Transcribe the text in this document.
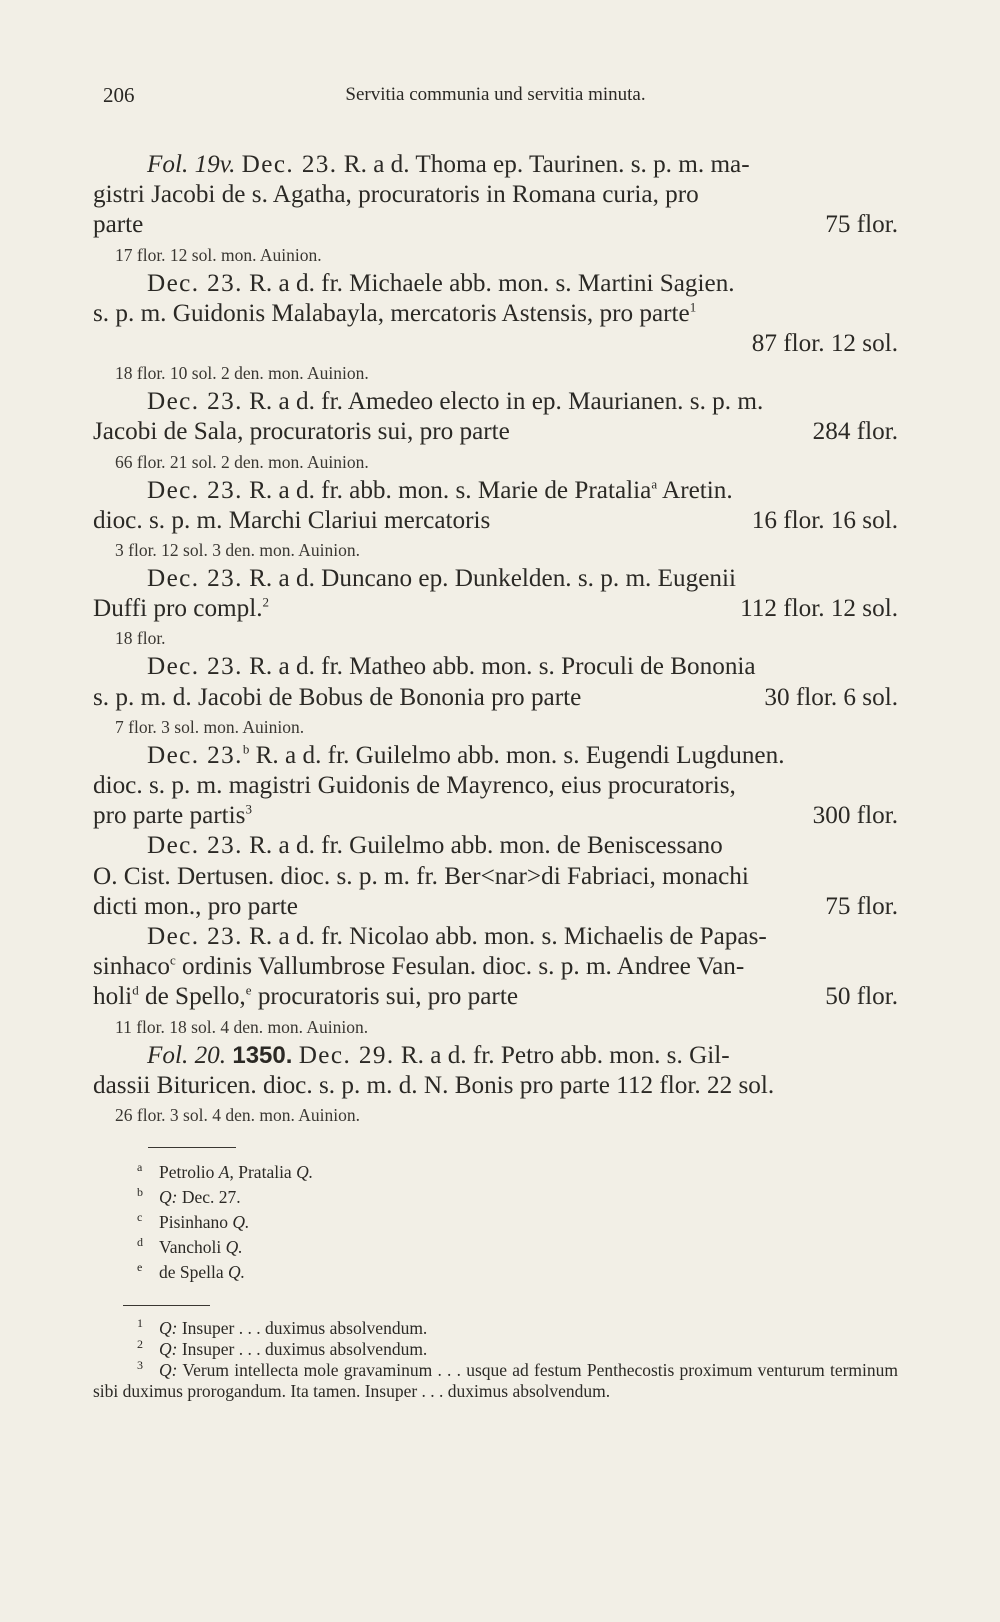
206	Servitia communia und servitia minuta.
Fol. 19v. Dec. 23. R. a d. Thoma ep. Taurinen. s. p. m. ma-
gistri Jacobi de s. Agatha, procuratoris in Romana curia, pro
parte	75 flor.
17 flor. 12 sol. mon. Auinion.
Dec. 23. R. a d. fr. Michaele abb. mon. s. Martini Sagien.
s. p. m. Guidonis Malabayla, mercatoris Astensis, pro parte$^1$
87 flor. 12 sol.
18 flor. 10 sol. 2 den. mon. Auinion.
Dec. 23. R. a d. fr. Amedeo electo in ep. Maurianen. s. p. m.
Jacobi de Sala, procuratoris sui, pro parte	284 flor.
66 flor. 21 sol. 2 den. mon. Auinion.
Dec. 23. R. a d. fr. abb. mon. s. Marie de Pratalia$^a$ Aretin.
dioc. s. p. m. Marchi Clariui mercatoris	16 flor. 16 sol.
3 flor. 12 sol. 3 den. mon. Auinion.
Dec. 23. R. a d. Duncano ep. Dunkelden. s. p. m. Eugenii
Duffi pro compl.$^2$	112 flor. 12 sol.
18 flor.
Dec. 23. R. a d. fr. Matheo abb. mon. s. Proculi de Bononia
s. p. m. d. Jacobi de Bobus de Bononia pro parte	30 flor. 6 sol.
7 flor. 3 sol. mon. Auinion.
Dec. 23.$^b$ R. a d. fr. Guilelmo abb. mon. s. Eugendi Lugdunen.
dioc. s. p. m. magistri Guidonis de Mayrenco, eius procuratoris,
pro parte partis$^3$	300 flor.
Dec. 23. R. a d. fr. Guilelmo abb. mon. de Beniscessano
O. Cist. Dertusen. dioc. s. p. m. fr. Ber<nar>di Fabriaci, monachi
dicti mon., pro parte	75 flor.
Dec. 23. R. a d. fr. Nicolao abb. mon. s. Michaelis de Papas-
sinhaco$^c$ ordinis Vallumbrose Fesulan. dioc. s. p. m. Andree Van-
holi$^d$ de Spello,$^e$ procuratoris sui, pro parte	50 flor.
11 flor. 18 sol. 4 den. mon. Auinion.
Fol. 20. 1350. Dec. 29. R. a d. fr. Petro abb. mon. s. Gil-
dassii Bituricen. dioc. s. p. m. d. N. Bonis pro parte 112 flor. 22 sol.
26 flor. 3 sol. 4 den. mon. Auinion.
a Petrolio A, Pratalia Q.
b Q: Dec. 27.
c Pisinhano Q.
d Vancholi Q.
e de Spella Q.
1 Q: Insuper . . . duximus absolvendum.
2 Q: Insuper . . . duximus absolvendum.
3 Q: Verum intellecta mole gravaminum . . . usque ad festum Penthecostis proximum venturum terminum sibi duximus prorogandum. Ita tamen. Insuper . . . duximus absolvendum.
